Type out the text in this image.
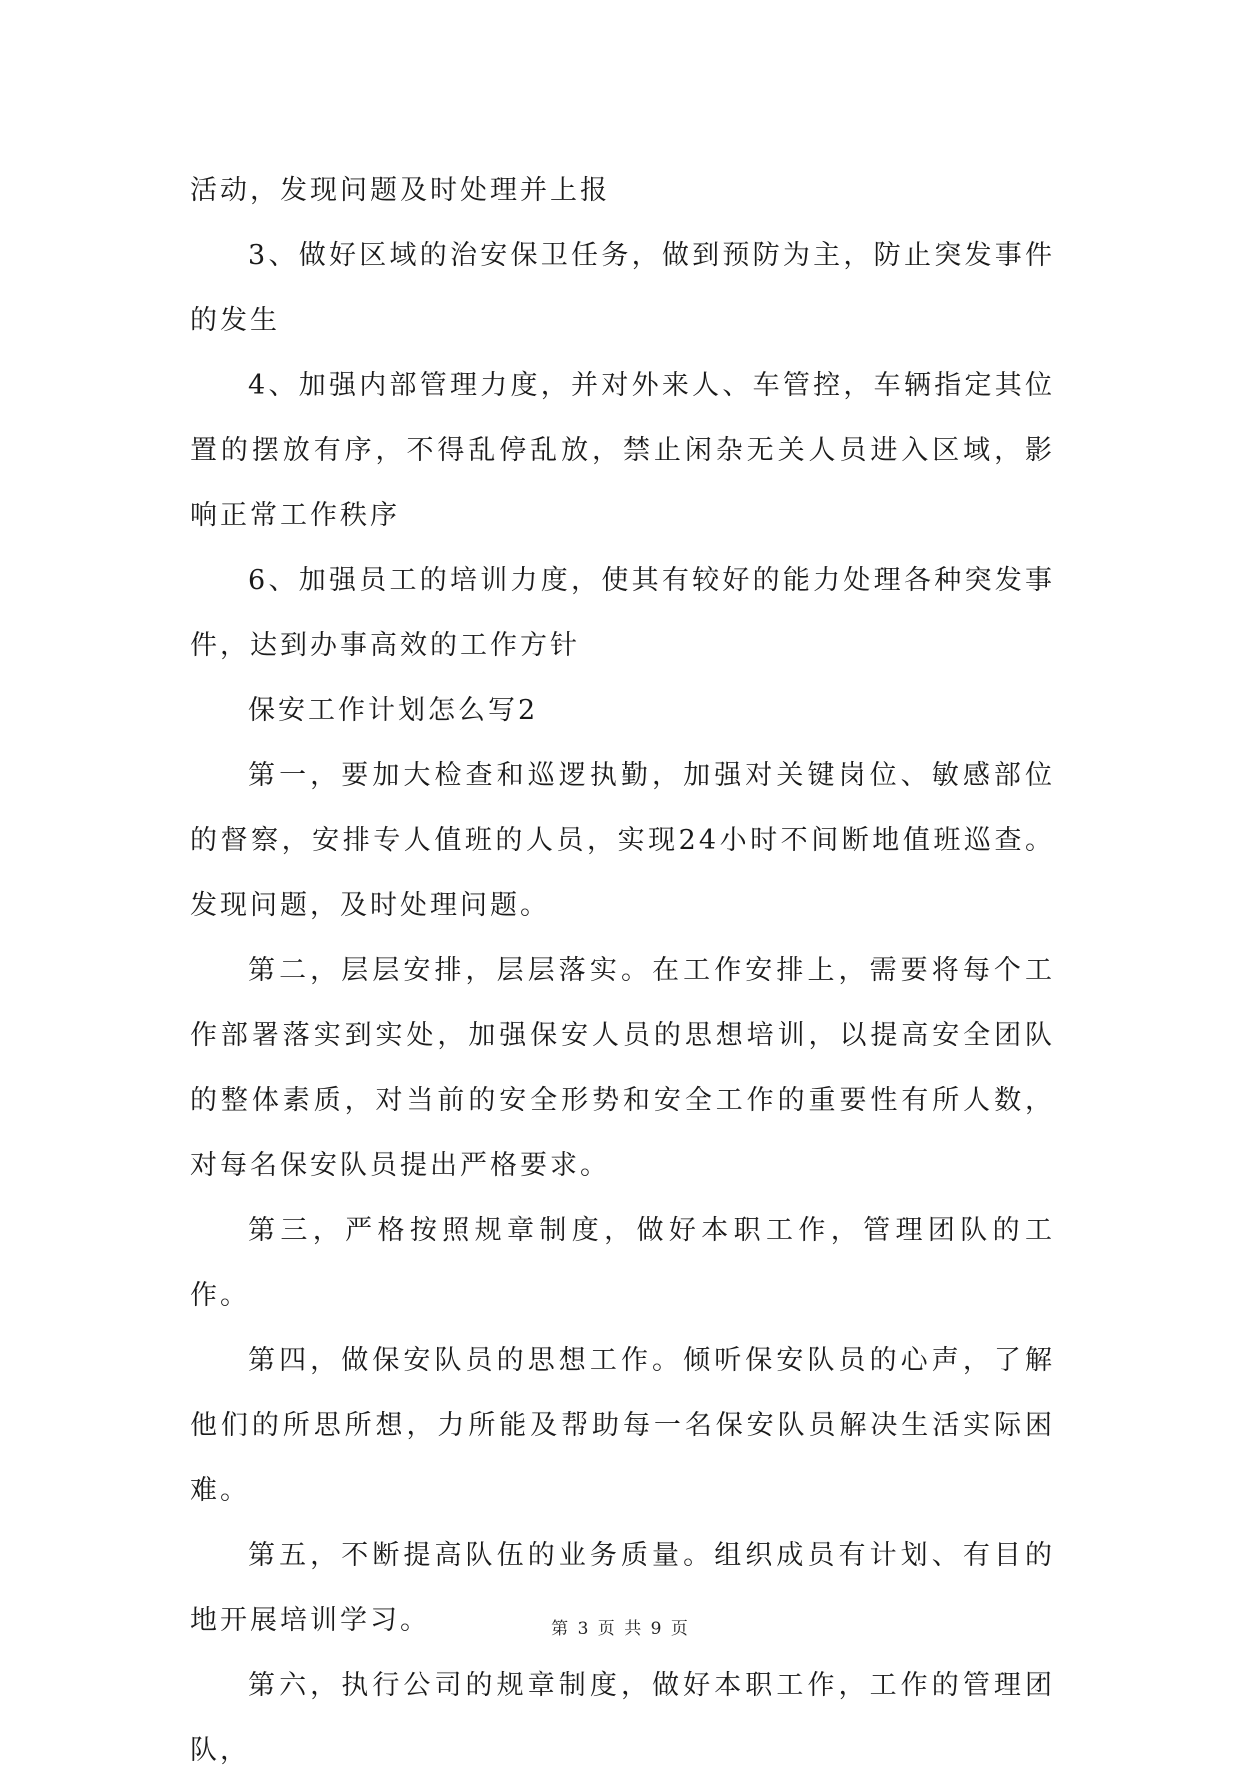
活动，发现问题及时处理并上报

3、做好区域的治安保卫任务，做到预防为主，防止突发事件的发生

4、加强内部管理力度，并对外来人、车管控，车辆指定其位置的摆放有序，不得乱停乱放，禁止闲杂无关人员进入区域，影响正常工作秩序

6、加强员工的培训力度，使其有较好的能力处理各种突发事件，达到办事高效的工作方针

保安工作计划怎么写2

第一，要加大检查和巡逻执勤，加强对关键岗位、敏感部位的督察，安排专人值班的人员，实现24小时不间断地值班巡查。发现问题，及时处理问题。

第二，层层安排，层层落实。在工作安排上，需要将每个工作部署落实到实处，加强保安人员的思想培训，以提高安全团队的整体素质，对当前的安全形势和安全工作的重要性有所人数，对每名保安队员提出严格要求。

第三，严格按照规章制度，做好本职工作，管理团队的工作。

第四，做保安队员的思想工作。倾听保安队员的心声，了解他们的所思所想，力所能及帮助每一名保安队员解决生活实际困难。

第五，不断提高队伍的业务质量。组织成员有计划、有目的地开展培训学习。

第六，执行公司的规章制度，做好本职工作，工作的管理团队，

第 3 页 共 9 页
